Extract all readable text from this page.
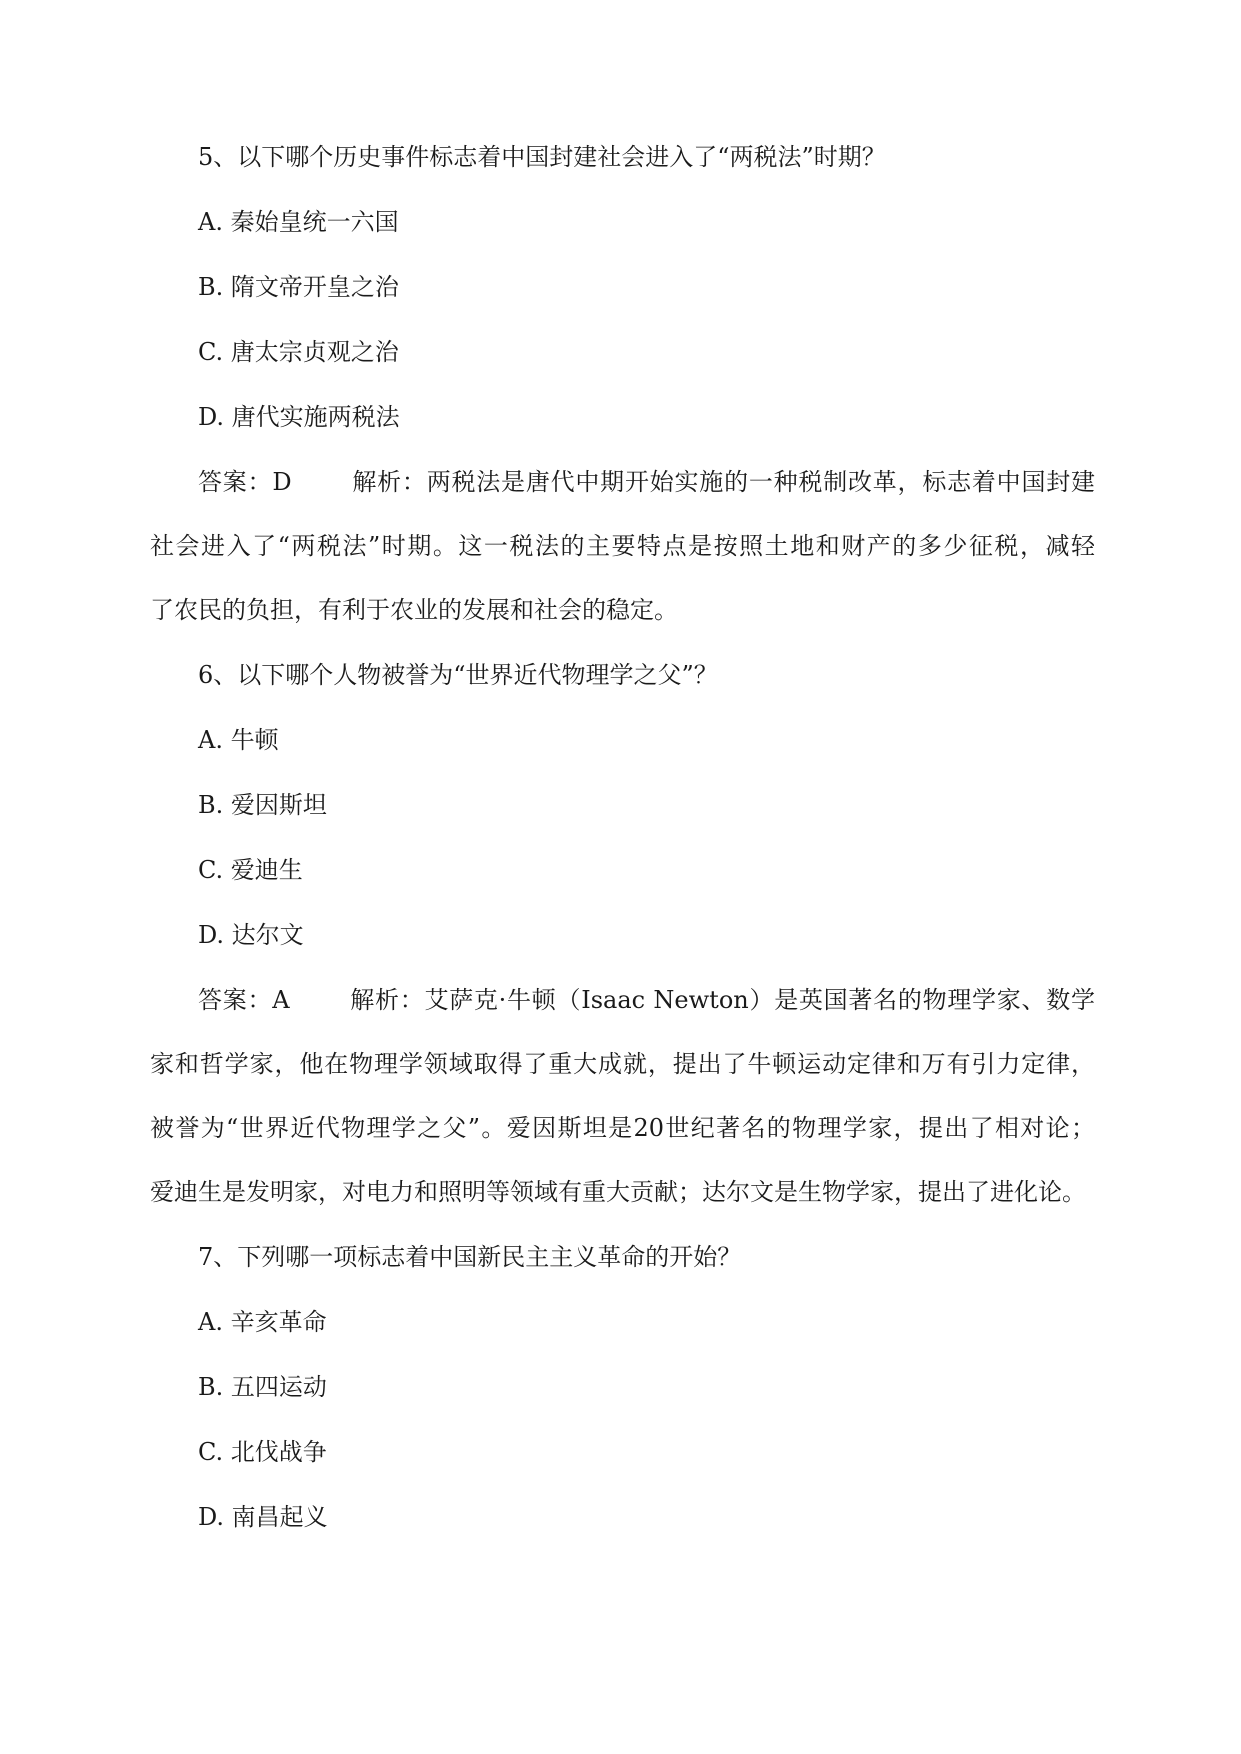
5、以下哪个历史事件标志着中国封建社会进入了“两税法”时期？

A. 秦始皇统一六国

B. 隋文帝开皇之治

C. 唐太宗贞观之治

D. 唐代实施两税法

答案：D	解析：两税法是唐代中期开始实施的一种税制改革，标志着中国封建

社会进入了“两税法”时期。这一税法的主要特点是按照土地和财产的多少征税，减轻

了农民的负担，有利于农业的发展和社会的稳定。

6、以下哪个人物被誉为“世界近代物理学之父”？

A. 牛顿

B. 爱因斯坦

C. 爱迪生

D. 达尔文

答案：A	解析：艾萨克·牛顿（Isaac Newton）是英国著名的物理学家、数学

家和哲学家，他在物理学领域取得了重大成就，提出了牛顿运动定律和万有引力定律，

被誉为“世界近代物理学之父”。爱因斯坦是20世纪著名的物理学家，提出了相对论；

爱迪生是发明家，对电力和照明等领域有重大贡献；达尔文是生物学家，提出了进化论。

7、下列哪一项标志着中国新民主主义革命的开始？

A. 辛亥革命

B. 五四运动

C. 北伐战争

D. 南昌起义
